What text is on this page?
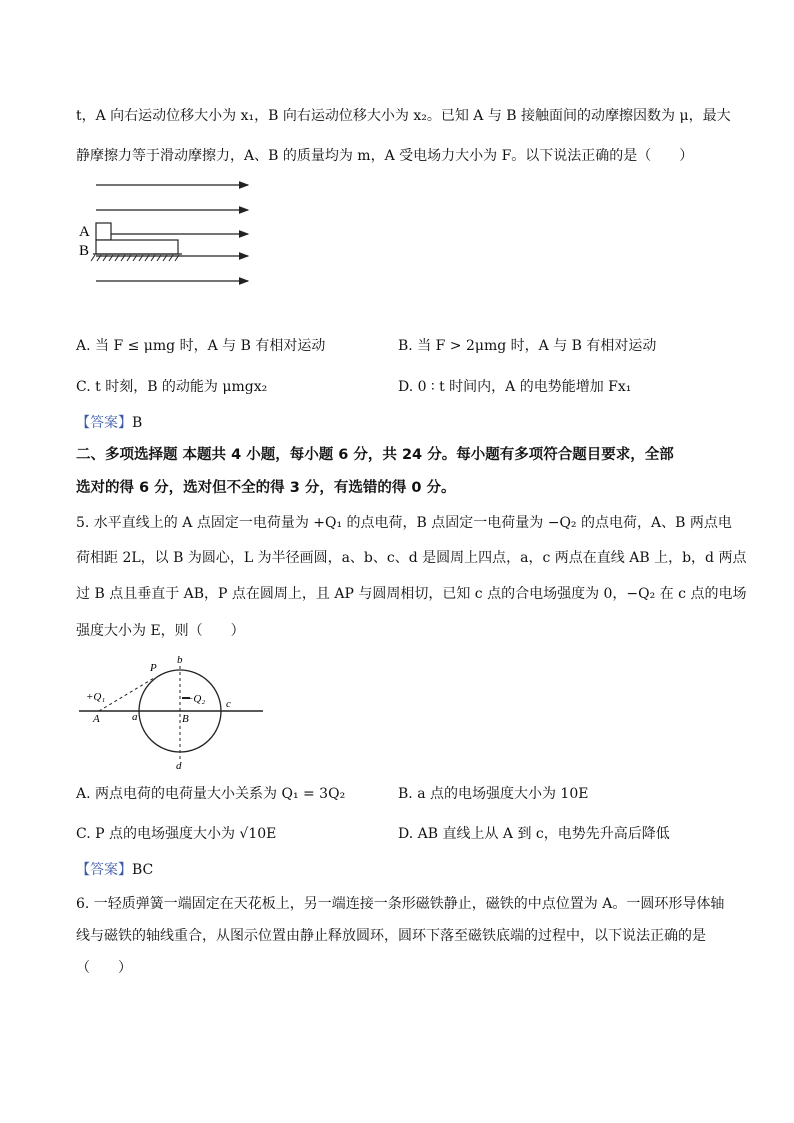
t，A 向右运动位移大小为 x₁，B 向右运动位移大小为 x₂。已知 A 与 B 接触面间的动摩擦因数为 μ，最大
静摩擦力等于滑动摩擦力，A、B 的质量均为 m，A 受电场力大小为 F。以下说法正确的是（　　）
A
B
A. 当 F ≤ μmg 时，A 与 B 有相对运动	B. 当 F > 2μmg 时，A 与 B 有相对运动
C. t 时刻，B 的动能为 μmgx₂	D. 0 ∶ t 时间内，A 的电势能增加 Fx₁
【答案】B
二、多项选择题 本题共 4 小题，每小题 6 分，共 24 分。每小题有多项符合题目要求，全部
选对的得 6 分，选对但不全的得 3 分，有选错的得 0 分。
5. 水平直线上的 A 点固定一电荷量为 +Q₁ 的点电荷，B 点固定一电荷量为 −Q₂ 的点电荷，A、B 两点电
荷相距 2L，以 B 为圆心，L 为半径画圆，a、b、c、d 是圆周上四点，a，c 两点在直线 AB 上，b，d 两点
过 B 点且垂直于 AB，P 点在圆周上，且 AP 与圆周相切，已知 c 点的合电场强度为 0，−Q₂ 在 c 点的电场
强度大小为 E，则（　　）
P
b
+Q₁	−Q₂ c
A	a	B
d
A. 两点电荷的电荷量大小关系为 Q₁ = 3Q₂	B. a 点的电场强度大小为 10E
C. P 点的电场强度大小为 √10E	D. AB 直线上从 A 到 c，电势先升高后降低
【答案】BC
6. 一轻质弹簧一端固定在天花板上，另一端连接一条形磁铁静止，磁铁的中点位置为 A。一圆环形导体轴
线与磁铁的轴线重合，从图示位置由静止释放圆环，圆环下落至磁铁底端的过程中，以下说法正确的是
（　　）
